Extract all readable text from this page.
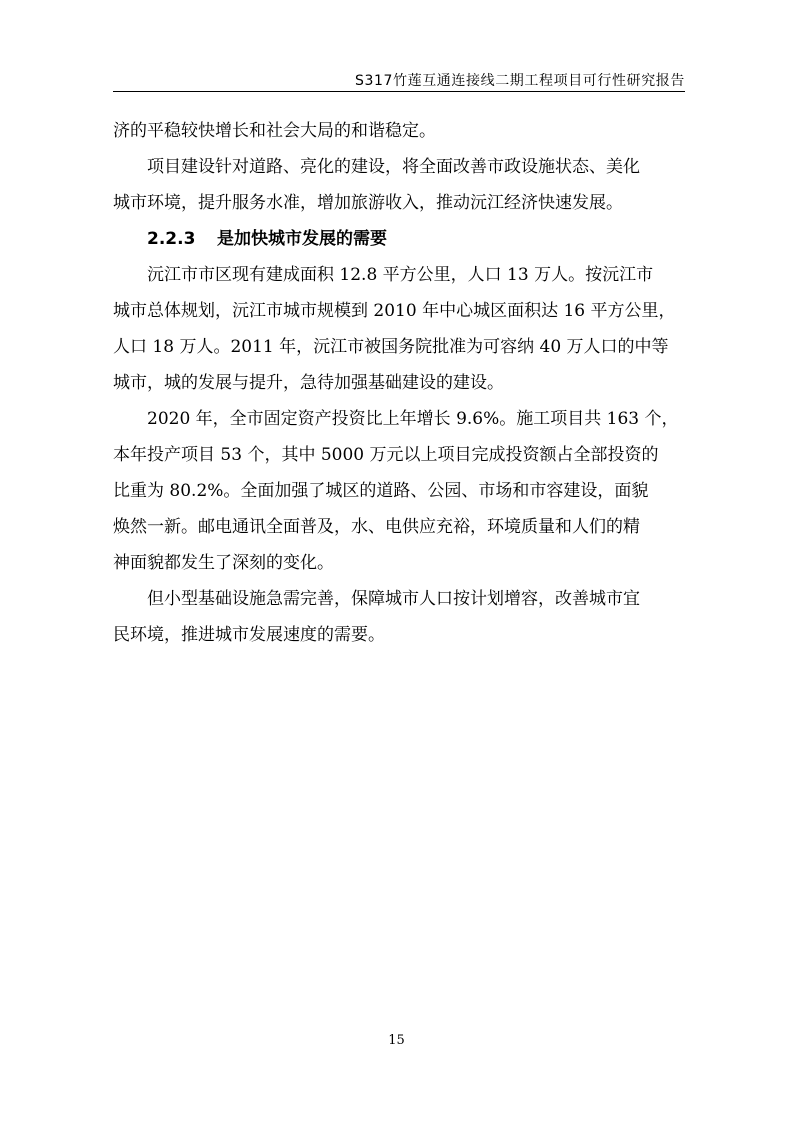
S317竹莲互通连接线二期工程项目可行性研究报告
济的平稳较快增长和社会大局的和谐稳定。
项目建设针对道路、亮化的建设，将全面改善市政设施状态、美化
城市环境，提升服务水准，增加旅游收入，推动沅江经济快速发展。
2.2.3 是加快城市发展的需要
沅江市市区现有建成面积 12.8 平方公里，人口 13 万人。按沅江市
城市总体规划，沅江市城市规模到 2010 年中心城区面积达 16 平方公里，
人口 18 万人。2011 年，沅江市被国务院批准为可容纳 40 万人口的中等
城市，城的发展与提升，急待加强基础建设的建设。
2020 年，全市固定资产投资比上年增长 9.6%。施工项目共 163 个，
本年投产项目 53 个，其中 5000 万元以上项目完成投资额占全部投资的
比重为 80.2%。全面加强了城区的道路、公园、市场和市容建设，面貌
焕然一新。邮电通讯全面普及，水、电供应充裕，环境质量和人们的精
神面貌都发生了深刻的变化。
但小型基础设施急需完善，保障城市人口按计划增容，改善城市宜
民环境，推进城市发展速度的需要。
15
